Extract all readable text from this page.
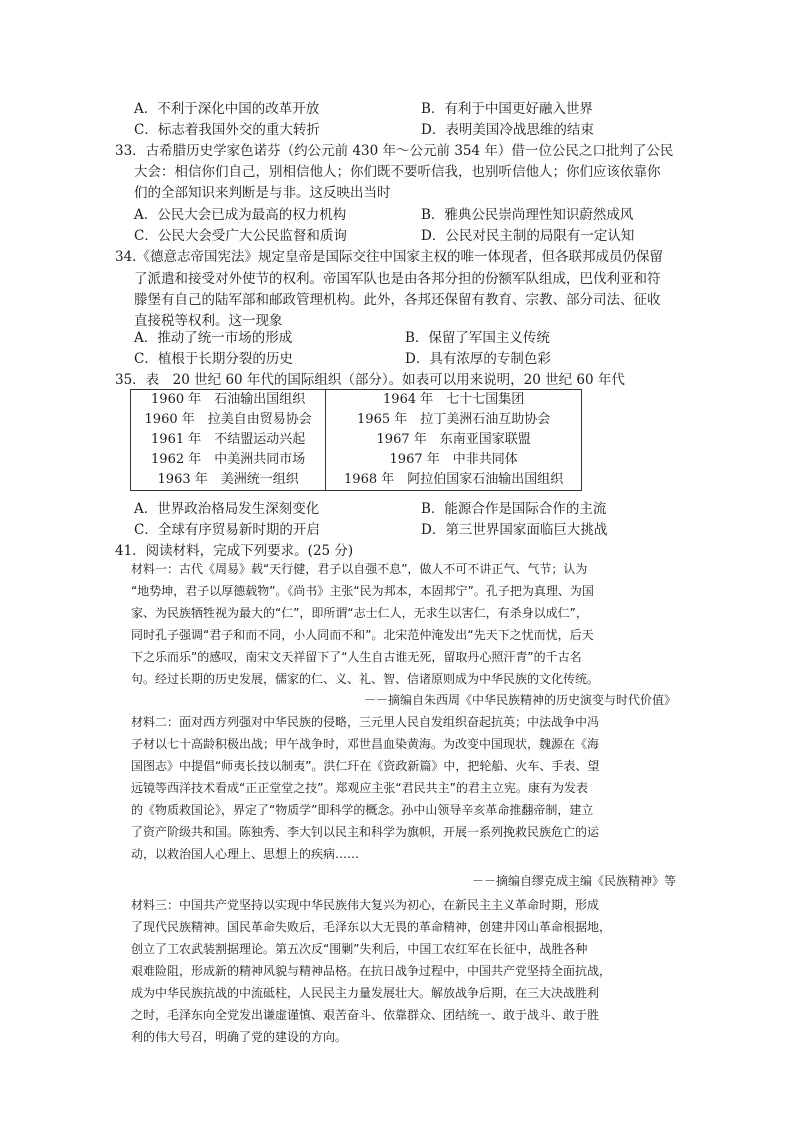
A．不利于深化中国的改革开放	B．有利于中国更好融入世界
C．标志着我国外交的重大转折	D．表明美国冷战思维的结束
33．古希腊历史学家色诺芬（约公元前 430 年～公元前 354 年）借一位公民之口批判了公民
大会：相信你们自己，别相信他人；你们既不要听信我，也别听信他人；你们应该依靠你
们的全部知识来判断是与非。这反映出当时
A．公民大会已成为最高的权力机构	B．雅典公民崇尚理性知识蔚然成风
C．公民大会受广大公民监督和质询	D．公民对民主制的局限有一定认知
34.《德意志帝国宪法》规定皇帝是国际交往中国家主权的唯一体现者，但各联邦成员仍保留
了派遣和接受对外使节的权利。帝国军队也是由各邦分担的份额军队组成，巴伐利亚和符
滕堡有自己的陆军部和邮政管理机构。此外，各邦还保留有教育、宗教、部分司法、征收
直接税等权利。这一现象
A．推动了统一市场的形成	B．保留了军国主义传统
C．植根于长期分裂的历史	D．具有浓厚的专制色彩
35．表　20 世纪 60 年代的国际组织（部分）。如表可以用来说明，20 世纪 60 年代
1960 年　石油输出国组织	1964 年　七十七国集团
1960 年　拉美自由贸易协会	1965 年　拉丁美洲石油互助协会
1961 年　不结盟运动兴起	1967 年　东南亚国家联盟
1962 年　中美洲共同市场	1967 年　中非共同体
1963 年　美洲统一组织	1968 年　阿拉伯国家石油输出国组织
A．世界政治格局发生深刻变化	B．能源合作是国际合作的主流
C．全球有序贸易新时期的开启	D．第三世界国家面临巨大挑战
41．阅读材料，完成下列要求。(25 分)
材料一：古代《周易》载“天行健，君子以自强不息”，做人不可不讲正气、气节；认为
“地势坤，君子以厚德载物”。《尚书》主张“民为邦本，本固邦宁”。孔子把为真理、为国
家、为民族牺牲视为最大的“仁”，即所谓“志士仁人，无求生以害仁，有杀身以成仁”，
同时孔子强调“君子和而不同，小人同而不和”。北宋范仲淹发出“先天下之忧而忧，后天
下之乐而乐”的感叹，南宋文天祥留下了“人生自古谁无死，留取丹心照汗青”的千古名
句。经过长期的历史发展，儒家的仁、义、礼、智、信诸原则成为中华民族的文化传统。
－－摘编自朱西周《中华民族精神的历史演变与时代价值》
材料二：面对西方列强对中华民族的侵略，三元里人民自发组织奋起抗英；中法战争中冯
子材以七十高龄积极出战；甲午战争时，邓世昌血染黄海。为改变中国现状，魏源在《海
国图志》中提倡“师夷长技以制夷”。洪仁玕在《资政新篇》中，把轮船、火车、手表、望
远镜等西洋技术看成“正正堂堂之技”。郑观应主张“君民共主”的君主立宪。康有为发表
的《物质救国论》，界定了“物质学”即科学的概念。孙中山领导辛亥革命推翻帝制，建立
了资产阶级共和国。陈独秀、李大钊以民主和科学为旗帜，开展一系列挽救民族危亡的运
动，以救治国人心理上、思想上的疾病……
－－摘编自缪克成主编《民族精神》等
材料三：中国共产党坚持以实现中华民族伟大复兴为初心，在新民主主义革命时期，形成
了现代民族精神。国民革命失败后，毛泽东以大无畏的革命精神，创建井冈山革命根据地，
创立了工农武装割据理论。第五次反“围剿”失利后，中国工农红军在长征中，战胜各种
艰难险阻，形成新的精神风貌与精神品格。在抗日战争过程中，中国共产党坚持全面抗战，
成为中华民族抗战的中流砥柱，人民民主力量发展壮大。解放战争后期，在三大决战胜利
之时，毛泽东向全党发出谦虚谨慎、艰苦奋斗、依靠群众、团结统一、敢于战斗、敢于胜
利的伟大号召，明确了党的建设的方向。
